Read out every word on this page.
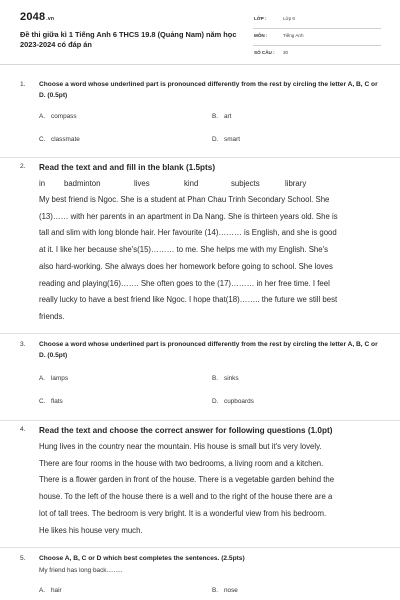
2048.vn
Đề thi giữa kì 1 Tiếng Anh 6 THCS 19.8 (Quảng Nam) năm học 2023-2024 có đáp án
LỚP :	Lớp 6
MÔN :	Tiếng Anh
SỐ CÂU : 30
1. Choose a word whose underlined part is pronounced differently from the rest by circling the letter A, B, C or D. (0.5pt)
A. compass	B. art
C. classmate	D. smart
2. Read the text and and fill in the blank (1.5pts)
in badminton	lives	kind	subjects	library
My best friend is Ngoc. She is a student at Phan Chau Trinh Secondary School. She
(13)…… with her parents in an apartment in Da Nang. She is thirteen years old. She is
tall and slim with long blonde hair. Her favourite (14)……… is English, and she is good
at it. I like her because she's(15)……… to me. She helps me with my English. She's
also hard-working. She always does her homework before going to school. She loves
reading and playing(16)……. She often goes to the (17)……… in her free time. I feel
really lucky to have a best friend like Ngoc. I hope that(18)…….. the future we still best
friends.
3. Choose a word whose underlined part is pronounced differently from the rest by circling the letter A, B, C or D. (0.5pt)
A. lamps	B. sinks
C. flats	D. cupboards
4. Read the text and choose the correct answer for following questions (1.0pt)
Hung lives in the country near the mountain. His house is small but it's very lovely.
There are four rooms in the house with two bedrooms, a living room and a kitchen.
There is a flower garden in front of the house. There is a vegetable garden behind the
house. To the left of the house there is a well and to the right of the house there are a
lot of tall trees. The bedroom is very bright. It is a wonderful view from his bedroom.
He likes his house very much.
5. Choose A, B, C or D which best completes the sentences. (2.5pts)
My friend has long back.........
A. hair	B. nose
